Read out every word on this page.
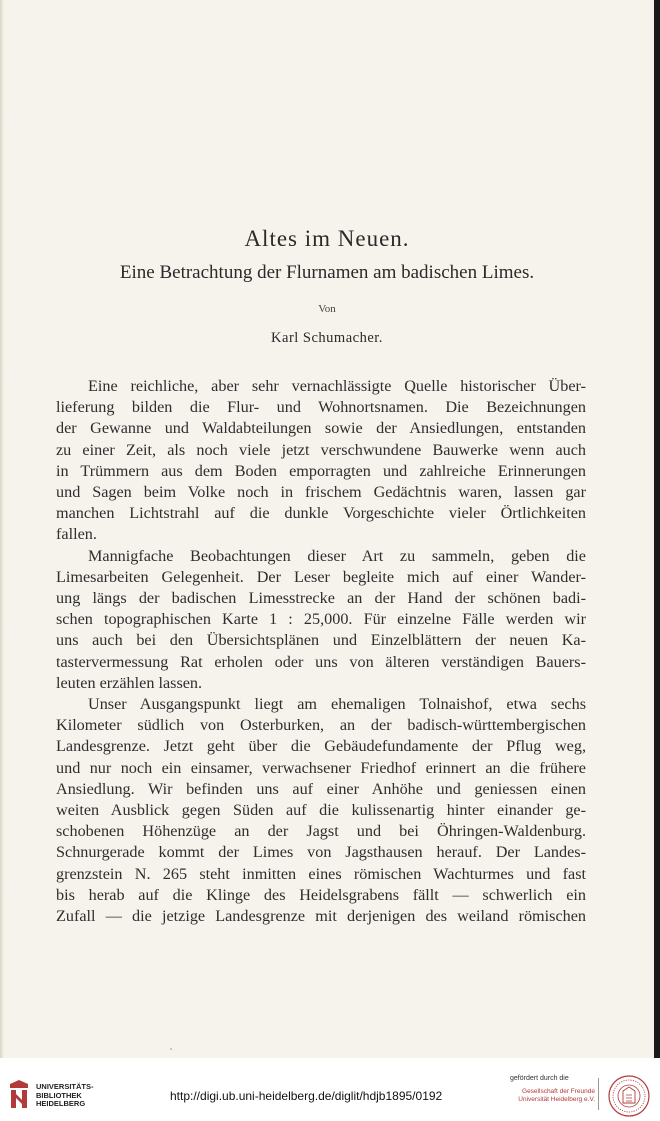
Altes im Neuen.
Eine Betrachtung der Flurnamen am badischen Limes.
Von
Karl Schumacher.
Eine reichliche, aber sehr vernachlässigte Quelle historischer Über-
lieferung bilden die Flur- und Wohnortsnamen. Die Bezeichnungen
der Gewanne und Waldabteilungen sowie der Ansiedlungen, entstanden
zu einer Zeit, als noch viele jetzt verschwundene Bauwerke wenn auch
in Trümmern aus dem Boden emporragten und zahlreiche Erinnerungen
und Sagen beim Volke noch in frischem Gedächtnis waren, lassen gar
manchen Lichtstrahl auf die dunkle Vorgeschichte vieler Örtlichkeiten
fallen.
Mannigfache Beobachtungen dieser Art zu sammeln, geben die
Limesarbeiten Gelegenheit. Der Leser begleite mich auf einer Wander-
ung längs der badischen Limesstrecke an der Hand der schönen badi-
schen topographischen Karte 1 : 25,000. Für einzelne Fälle werden wir
uns auch bei den Übersichtsplänen und Einzelblättern der neuen Ka-
tastervermessung Rat erholen oder uns von älteren verständigen Bauers-
leuten erzählen lassen.
Unser Ausgangspunkt liegt am ehemaligen Tolnaishof, etwa sechs
Kilometer südlich von Osterburken, an der badisch-württembergischen
Landesgrenze. Jetzt geht über die Gebäudefundamente der Pflug weg,
und nur noch ein einsamer, verwachsener Friedhof erinnert an die frühere
Ansiedlung. Wir befinden uns auf einer Anhöhe und geniessen einen
weiten Ausblick gegen Süden auf die kulissenartig hinter einander ge-
schobenen Höhenzüge an der Jagst und bei Öhringen-Waldenburg.
Schnurgerade kommt der Limes von Jagsthausen herauf. Der Landes-
grenzstein N. 265 steht inmitten eines römischen Wachturmes und fast
bis herab auf die Klinge des Heidelsgrabens fällt — schwerlich ein
Zufall — die jetzige Landesgrenze mit derjenigen des weiland römischen
UNIVERSITÄTS-
BIBLIOTHEK
HEIDELBERG
http://digi.ub.uni-heidelberg.de/diglit/hdjb1895/0192
gefördert durch die
Gesellschaft der Freunde
Universität Heidelberg e.V.
